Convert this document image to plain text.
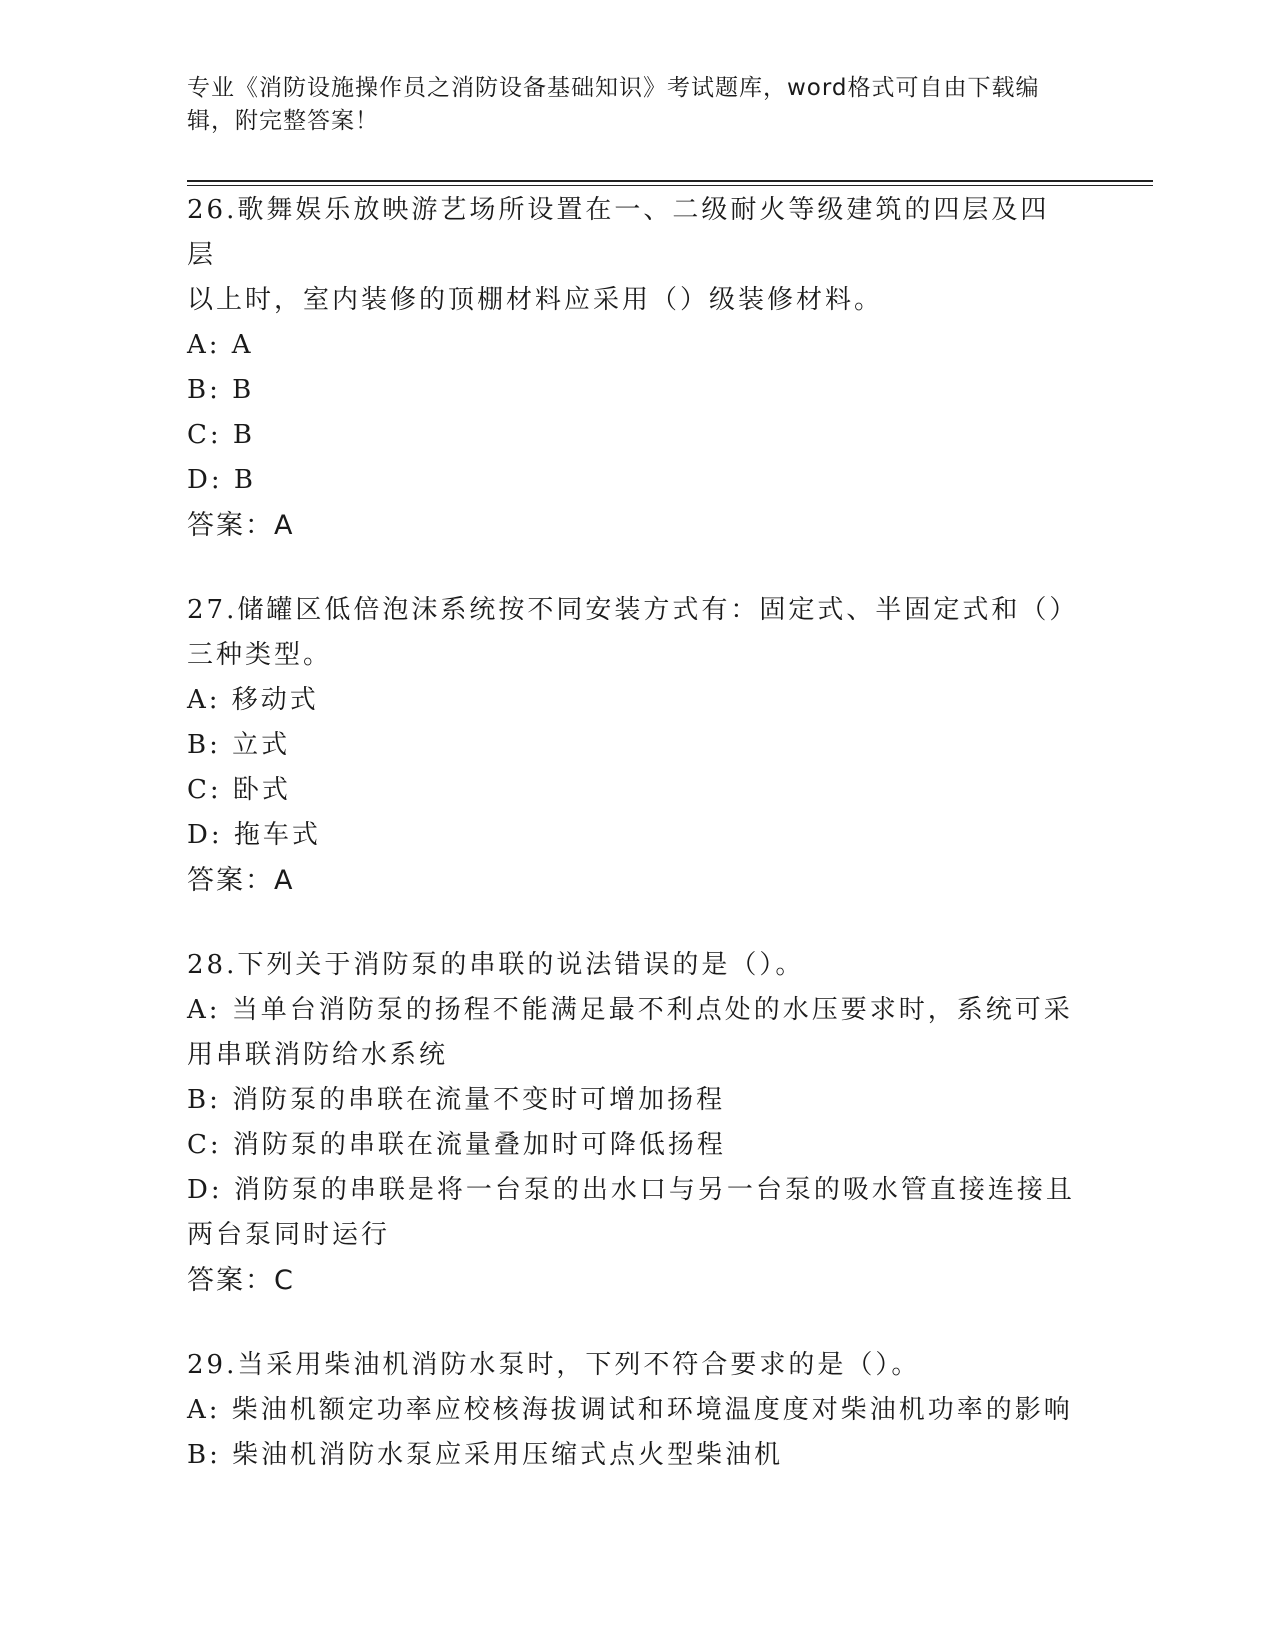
专业《消防设施操作员之消防设备基础知识》考试题库，word格式可自由下载编辑，附完整答案！
26.歌舞娱乐放映游艺场所设置在一、二级耐火等级建筑的四层及四层
以上时，室内装修的顶棚材料应采用（）级装修材料。
A: A
B: B
C: B
D: B
答案：A
27.储罐区低倍泡沫系统按不同安装方式有：固定式、半固定式和（）
三种类型。
A: 移动式
B: 立式
C: 卧式
D: 拖车式
答案：A
28.下列关于消防泵的串联的说法错误的是（）。
A: 当单台消防泵的扬程不能满足最不利点处的水压要求时，系统可采
用串联消防给水系统
B: 消防泵的串联在流量不变时可增加扬程
C: 消防泵的串联在流量叠加时可降低扬程
D: 消防泵的串联是将一台泵的出水口与另一台泵的吸水管直接连接且
两台泵同时运行
答案：C
29.当采用柴油机消防水泵时，下列不符合要求的是（）。
A: 柴油机额定功率应校核海拔调试和环境温度度对柴油机功率的影响
B: 柴油机消防水泵应采用压缩式点火型柴油机
